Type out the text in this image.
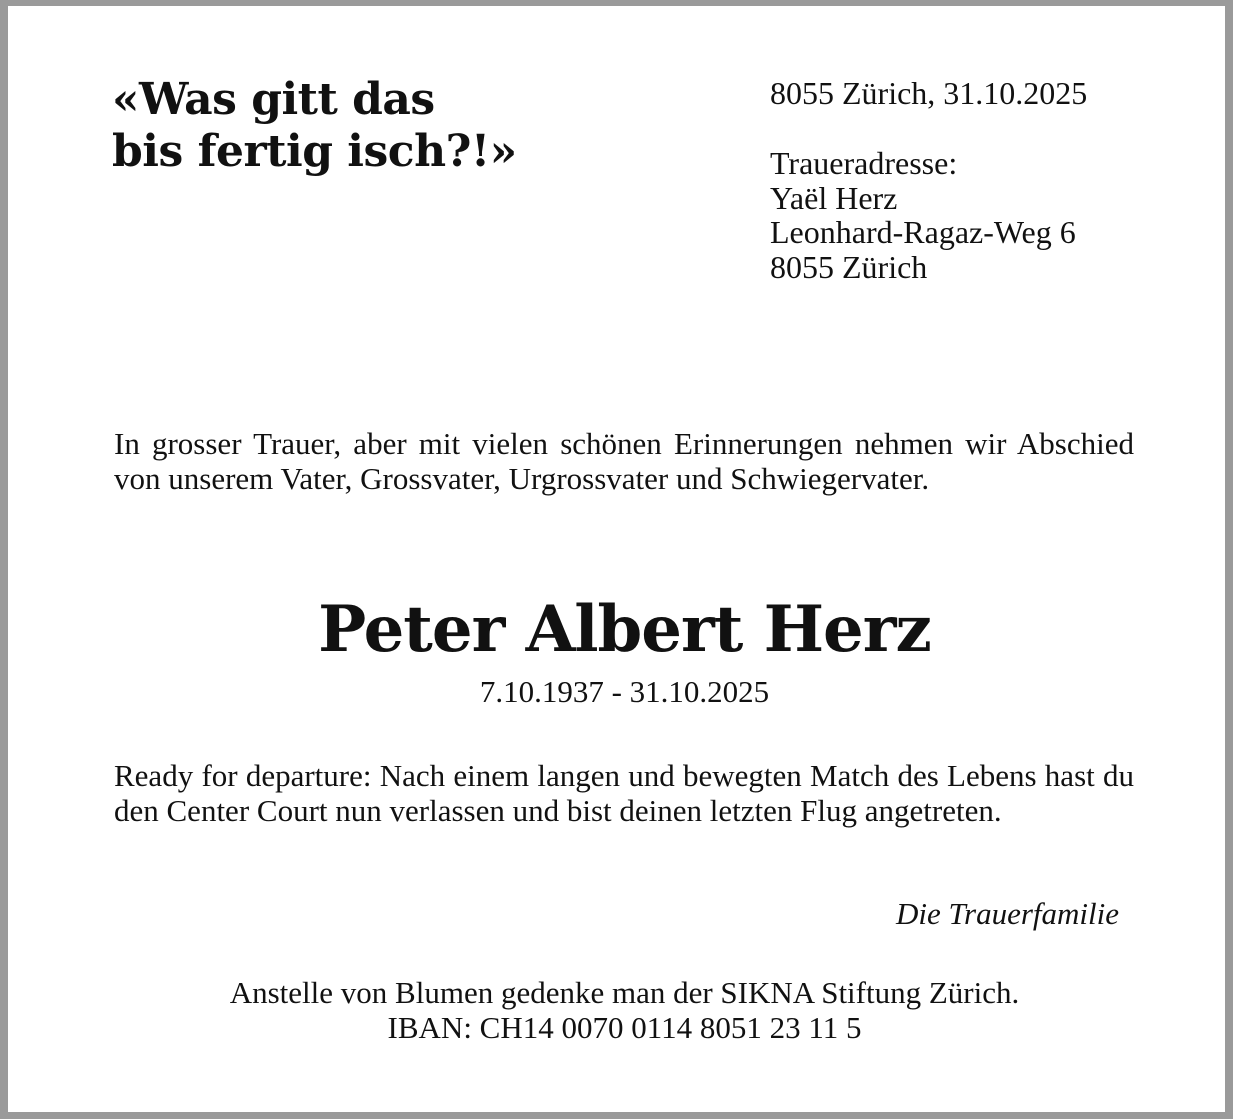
«Was gitt das
bis fertig isch?!»
8055 Zürich, 31.10.2025
Traueradresse:
Yaël Herz
Leonhard-Ragaz-Weg 6
8055 Zürich
In grosser Trauer, aber mit vielen schönen Erinnerungen nehmen wir Abschied von unserem Vater, Grossvater, Urgrossvater und Schwiegervater.
Peter Albert Herz
7.10.1937 - 31.10.2025
Ready for departure: Nach einem langen und bewegten Match des Lebens hast du den Center Court nun verlassen und bist deinen letzten Flug angetreten.
Die Trauerfamilie
Anstelle von Blumen gedenke man der SIKNA Stiftung Zürich.
IBAN: CH14 0070 0114 8051 23 11 5
